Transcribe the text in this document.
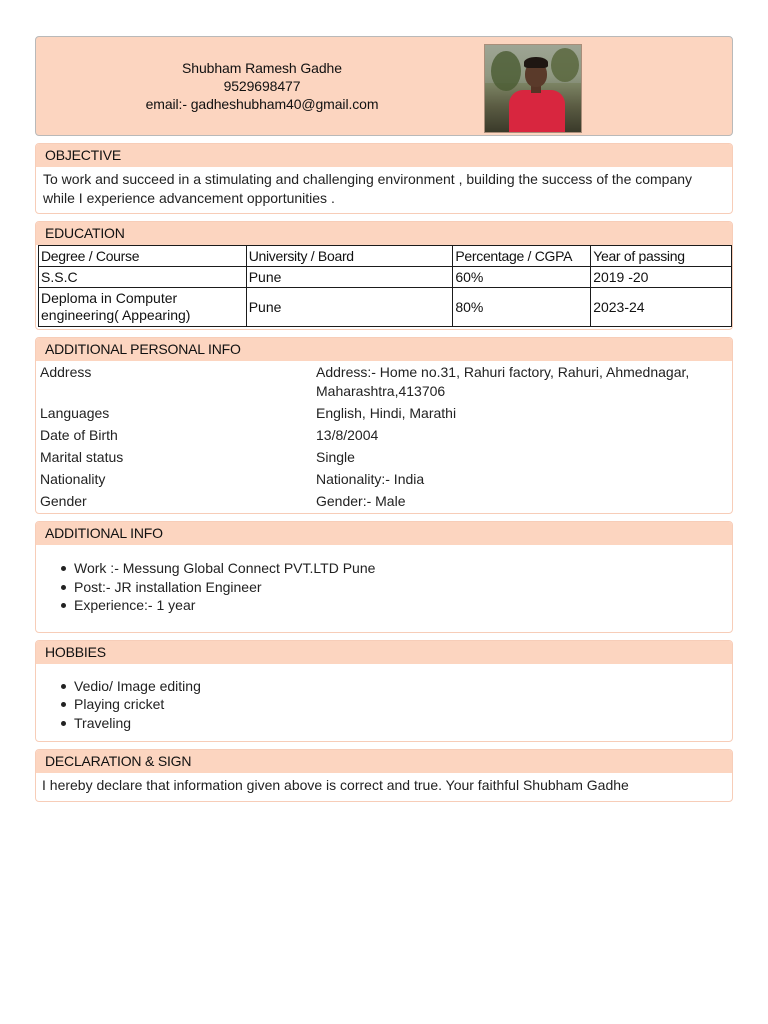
Shubham Ramesh Gadhe
9529698477
email:- gadheshubham40@gmail.com
OBJECTIVE
To work and succeed in a stimulating and challenging environment , building the success of the company while I experience advancement opportunities .
EDUCATION
Degree / Course	University / Board	Percentage / CGPA	Year of passing
S.S.C	Pune	60%	2019 -20
Deploma in Computer engineering( Appearing)	Pune	80%	2023-24
ADDITIONAL PERSONAL INFO
Address	Address:- Home no.31, Rahuri factory, Rahuri, Ahmednagar, Maharashtra,413706
Languages	English, Hindi, Marathi
Date of Birth	13/8/2004
Marital status	Single
Nationality	Nationality:- India
Gender	Gender:- Male
ADDITIONAL INFO
Work :- Messung Global Connect PVT.LTD Pune
Post:- JR installation Engineer
Experience:- 1 year
HOBBIES
Vedio/ Image editing
Playing cricket
Traveling
DECLARATION & SIGN
I hereby declare that information given above is correct and true. Your faithful Shubham Gadhe
